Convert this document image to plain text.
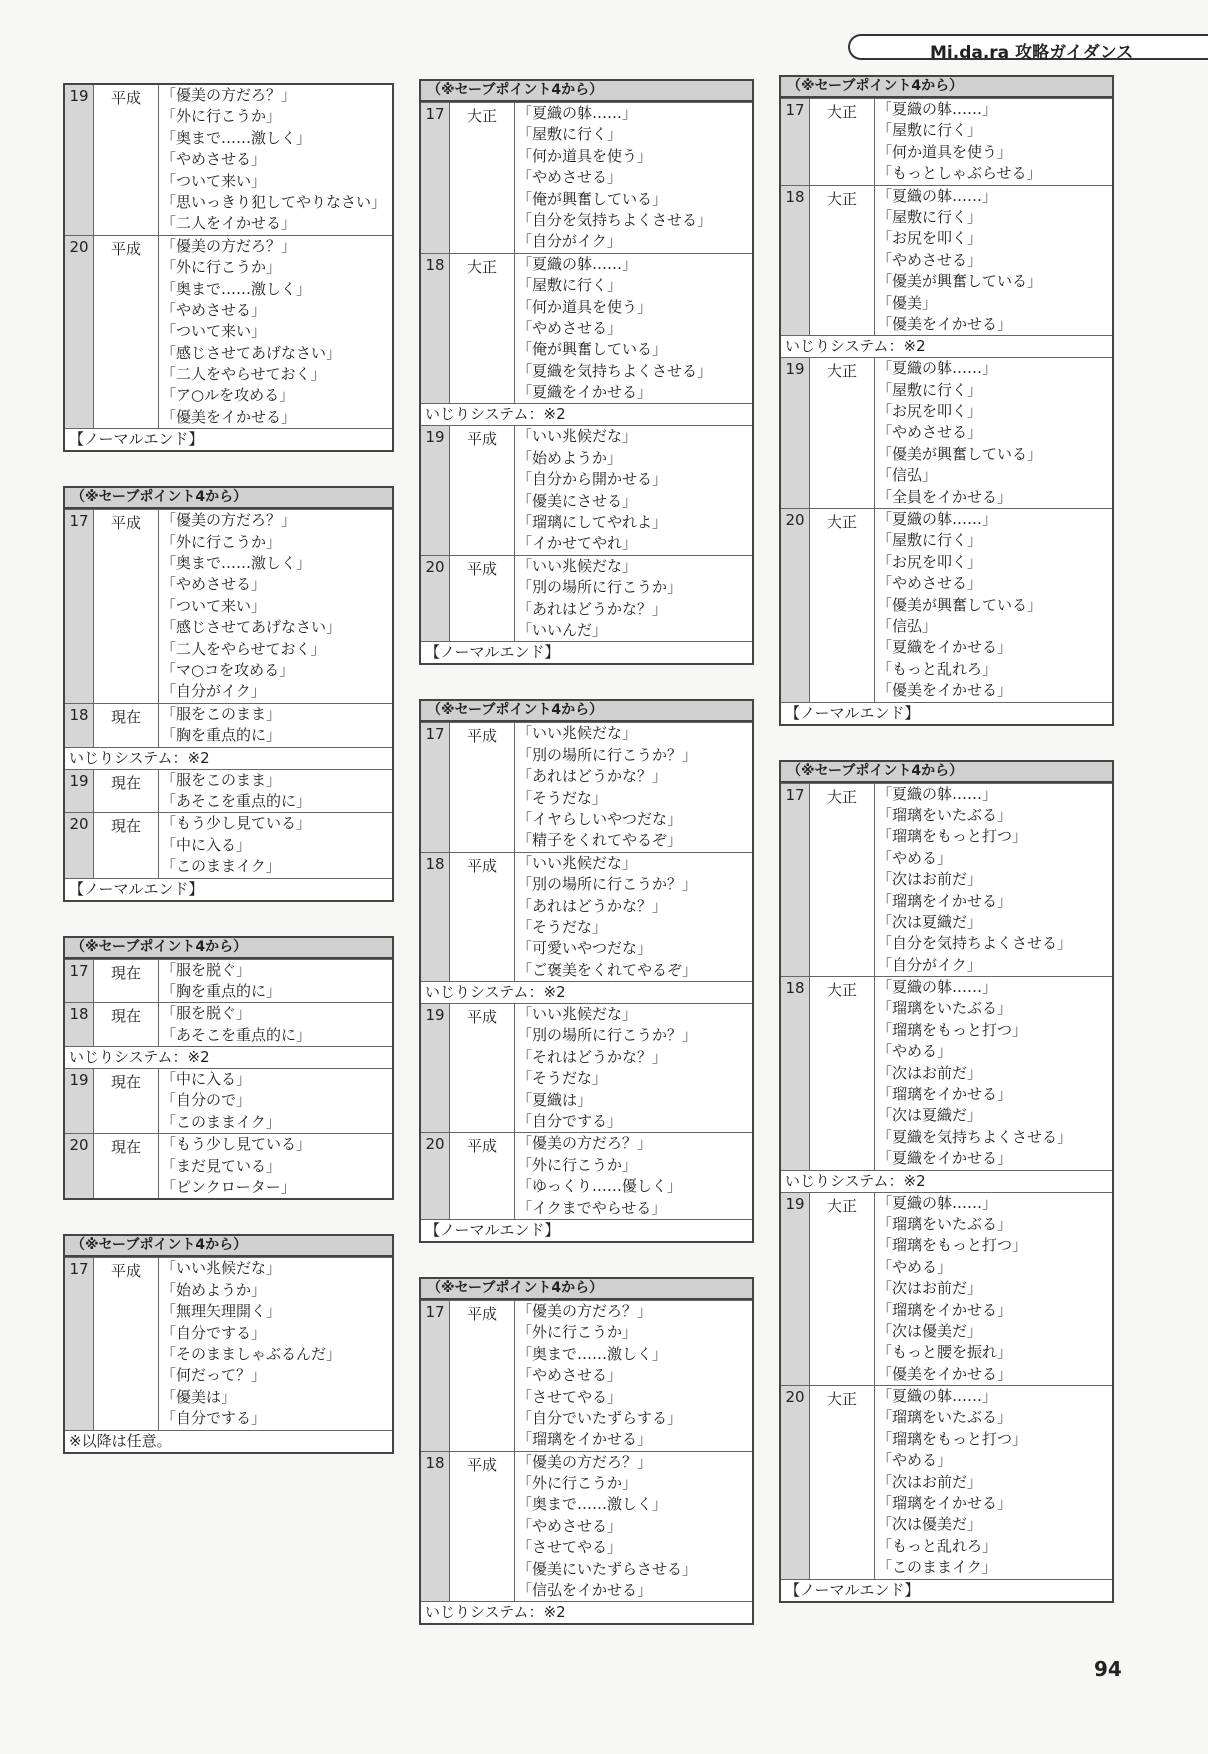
Mi.da.ra 攻略ガイダンス
19	平成	「優美の方だろ？」
「外に行こうか」
「奥まで……激しく」
「やめさせる」
「ついて来い」
「思いっきり犯してやりなさい」
「二人をイかせる」
20	平成	「優美の方だろ？」
「外に行こうか」
「奥まで……激しく」
「やめさせる」
「ついて来い」
「感じさせてあげなさい」
「二人をやらせておく」
「ア○ルを攻める」
「優美をイかせる」
【ノーマルエンド】
（※セーブポイント4から）
17	平成	「優美の方だろ？」
「外に行こうか」
「奥まで……激しく」
「やめさせる」
「ついて来い」
「感じさせてあげなさい」
「二人をやらせておく」
「マ○コを攻める」
「自分がイク」
18	現在	「服をこのまま」
「胸を重点的に」
いじりシステム：※2
19	現在	「服をこのまま」
「あそこを重点的に」
20	現在	「もう少し見ている」
「中に入る」
「このままイク」
【ノーマルエンド】
（※セーブポイント4から）
17	現在	「服を脱ぐ」
「胸を重点的に」
18	現在	「服を脱ぐ」
「あそこを重点的に」
いじりシステム：※2
19	現在	「中に入る」
「自分ので」
「このままイク」
20	現在	「もう少し見ている」
「まだ見ている」
「ピンクローター」
（※セーブポイント4から）
17	平成	「いい兆候だな」
「始めようか」
「無理矢理開く」
「自分でする」
「そのまましゃぶるんだ」
「何だって？」
「優美は」
「自分でする」
※以降は任意。
（※セーブポイント4から）
17	大正	「夏織の躰……」
「屋敷に行く」
「何か道具を使う」
「やめさせる」
「俺が興奮している」
「自分を気持ちよくさせる」
「自分がイク」
18	大正	「夏織の躰……」
「屋敷に行く」
「何か道具を使う」
「やめさせる」
「俺が興奮している」
「夏織を気持ちよくさせる」
「夏織をイかせる」
いじりシステム：※2
19	平成	「いい兆候だな」
「始めようか」
「自分から開かせる」
「優美にさせる」
「瑠璃にしてやれよ」
「イかせてやれ」
20	平成	「いい兆候だな」
「別の場所に行こうか」
「あれはどうかな？」
「いいんだ」
【ノーマルエンド】
（※セーブポイント4から）
17	平成	「いい兆候だな」
「別の場所に行こうか？」
「あれはどうかな？」
「そうだな」
「イヤらしいやつだな」
「精子をくれてやるぞ」
18	平成	「いい兆候だな」
「別の場所に行こうか？」
「あれはどうかな？」
「そうだな」
「可愛いやつだな」
「ご褒美をくれてやるぞ」
いじりシステム：※2
19	平成	「いい兆候だな」
「別の場所に行こうか？」
「それはどうかな？」
「そうだな」
「夏織は」
「自分でする」
20	平成	「優美の方だろ？」
「外に行こうか」
「ゆっくり……優しく」
「イクまでやらせる」
【ノーマルエンド】
（※セーブポイント4から）
17	平成	「優美の方だろ？」
「外に行こうか」
「奥まで……激しく」
「やめさせる」
「させてやる」
「自分でいたずらする」
「瑠璃をイかせる」
18	平成	「優美の方だろ？」
「外に行こうか」
「奥まで……激しく」
「やめさせる」
「させてやる」
「優美にいたずらさせる」
「信弘をイかせる」
いじりシステム：※2
（※セーブポイント4から）
17	大正	「夏織の躰……」
「屋敷に行く」
「何か道具を使う」
「もっとしゃぶらせる」
18	大正	「夏織の躰……」
「屋敷に行く」
「お尻を叩く」
「やめさせる」
「優美が興奮している」
「優美」
「優美をイかせる」
いじりシステム：※2
19	大正	「夏織の躰……」
「屋敷に行く」
「お尻を叩く」
「やめさせる」
「優美が興奮している」
「信弘」
「全員をイかせる」
20	大正	「夏織の躰……」
「屋敷に行く」
「お尻を叩く」
「やめさせる」
「優美が興奮している」
「信弘」
「夏織をイかせる」
「もっと乱れろ」
「優美をイかせる」
【ノーマルエンド】
（※セーブポイント4から）
17	大正	「夏織の躰……」
「瑠璃をいたぶる」
「瑠璃をもっと打つ」
「やめる」
「次はお前だ」
「瑠璃をイかせる」
「次は夏織だ」
「自分を気持ちよくさせる」
「自分がイク」
18	大正	「夏織の躰……」
「瑠璃をいたぶる」
「瑠璃をもっと打つ」
「やめる」
「次はお前だ」
「瑠璃をイかせる」
「次は夏織だ」
「夏織を気持ちよくさせる」
「夏織をイかせる」
いじりシステム：※2
19	大正	「夏織の躰……」
「瑠璃をいたぶる」
「瑠璃をもっと打つ」
「やめる」
「次はお前だ」
「瑠璃をイかせる」
「次は優美だ」
「もっと腰を振れ」
「優美をイかせる」
20	大正	「夏織の躰……」
「瑠璃をいたぶる」
「瑠璃をもっと打つ」
「やめる」
「次はお前だ」
「瑠璃をイかせる」
「次は優美だ」
「もっと乱れろ」
「このままイク」
【ノーマルエンド】
94
